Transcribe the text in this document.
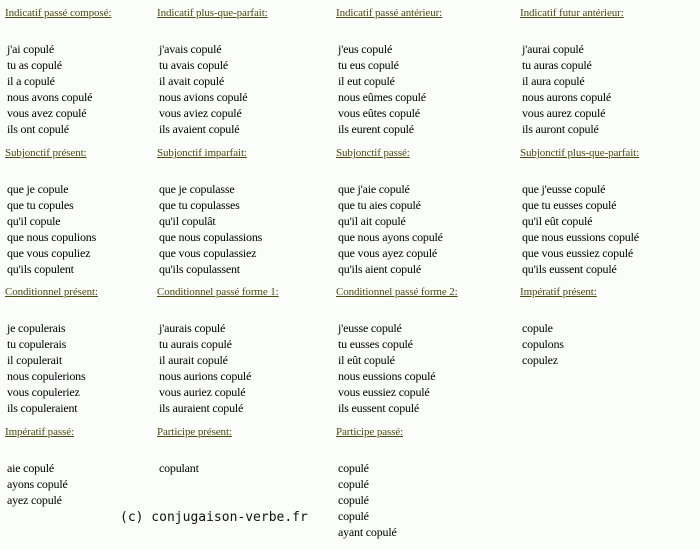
Indicatif passé composé:
j'ai copulé
tu as copulé
il a copulé
nous avons copulé
vous avez copulé
ils ont copulé
Indicatif plus-que-parfait:
j'avais copulé
tu avais copulé
il avait copulé
nous avions copulé
vous aviez copulé
ils avaient copulé
Indicatif passé antérieur:
j'eus copulé
tu eus copulé
il eut copulé
nous eûmes copulé
vous eûtes copulé
ils eurent copulé
Indicatif futur antérieur:
j'aurai copulé
tu auras copulé
il aura copulé
nous aurons copulé
vous aurez copulé
ils auront copulé
Subjonctif présent:
que je copule
que tu copules
qu'il copule
que nous copulions
que vous copuliez
qu'ils copulent
Subjonctif imparfait:
que je copulasse
que tu copulasses
qu'il copulât
que nous copulassions
que vous copulassiez
qu'ils copulassent
Subjonctif passé:
que j'aie copulé
que tu aies copulé
qu'il ait copulé
que nous ayons copulé
que vous ayez copulé
qu'ils aient copulé
Subjonctif plus-que-parfait:
que j'eusse copulé
que tu eusses copulé
qu'il eût copulé
que nous eussions copulé
que vous eussiez copulé
qu'ils eussent copulé
Conditionnel présent:
je copulerais
tu copulerais
il copulerait
nous copulerions
vous copuleriez
ils copuleraient
Conditionnel passé forme 1:
j'aurais copulé
tu aurais copulé
il aurait copulé
nous aurions copulé
vous auriez copulé
ils auraient copulé
Conditionnel passé forme 2:
j'eusse copulé
tu eusses copulé
il eût copulé
nous eussions copulé
vous eussiez copulé
ils eussent copulé
Impératif présent:
copule
copulons
copulez
Impératif passé:
aie copulé
ayons copulé
ayez copulé
Participe présent:
copulant
Participe passé:
copulé
copulé
copulé
copulé
ayant copulé
(c) conjugaison-verbe.fr
